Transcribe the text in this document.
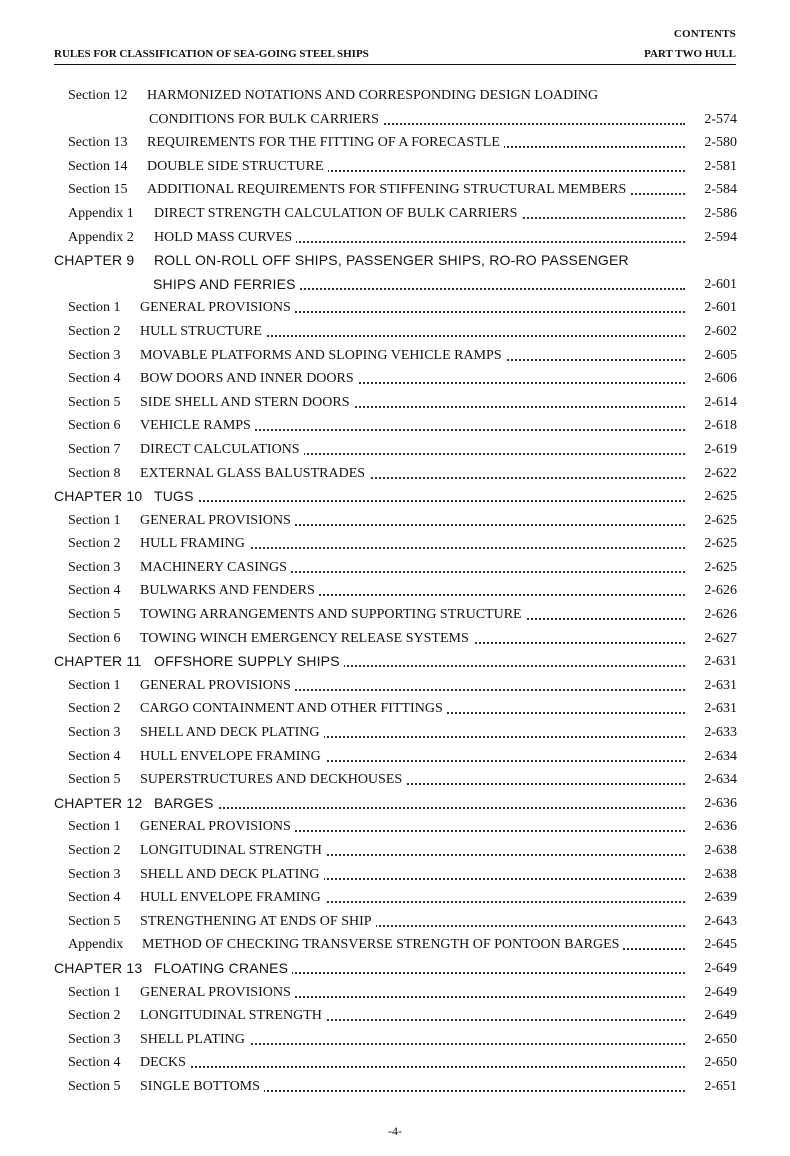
CONTENTS
RULES FOR CLASSIFICATION OF SEA-GOING STEEL SHIPS	PART TWO HULL
Section 12 HARMONIZED NOTATIONS AND CORRESPONDING DESIGN LOADING
CONDITIONS FOR BULK CARRIERS	2-574
Section 13 REQUIREMENTS FOR THE FITTING OF A FORECASTLE	2-580
Section 14 DOUBLE SIDE STRUCTURE	2-581
Section 15 ADDITIONAL REQUIREMENTS FOR STIFFENING STRUCTURAL MEMBERS	2-584
Appendix 1 DIRECT STRENGTH CALCULATION OF BULK CARRIERS	2-586
Appendix 2 HOLD MASS CURVES	2-594
CHAPTER 9 ROLL ON-ROLL OFF SHIPS, PASSENGER SHIPS, RO-RO PASSENGER
SHIPS AND FERRIES	2-601
Section 1 GENERAL PROVISIONS	2-601
Section 2 HULL STRUCTURE	2-602
Section 3 MOVABLE PLATFORMS AND SLOPING VEHICLE RAMPS	2-605
Section 4 BOW DOORS AND INNER DOORS	2-606
Section 5 SIDE SHELL AND STERN DOORS	2-614
Section 6 VEHICLE RAMPS	2-618
Section 7 DIRECT CALCULATIONS	2-619
Section 8 EXTERNAL GLASS BALUSTRADES	2-622
CHAPTER 10 TUGS	2-625
Section 1 GENERAL PROVISIONS	2-625
Section 2 HULL FRAMING	2-625
Section 3 MACHINERY CASINGS	2-625
Section 4 BULWARKS AND FENDERS	2-626
Section 5 TOWING ARRANGEMENTS AND SUPPORTING STRUCTURE	2-626
Section 6 TOWING WINCH EMERGENCY RELEASE SYSTEMS	2-627
CHAPTER 11 OFFSHORE SUPPLY SHIPS	2-631
Section 1 GENERAL PROVISIONS	2-631
Section 2 CARGO CONTAINMENT AND OTHER FITTINGS	2-631
Section 3 SHELL AND DECK PLATING	2-633
Section 4 HULL ENVELOPE FRAMING	2-634
Section 5 SUPERSTRUCTURES AND DECKHOUSES	2-634
CHAPTER 12 BARGES	2-636
Section 1 GENERAL PROVISIONS	2-636
Section 2 LONGITUDINAL STRENGTH	2-638
Section 3 SHELL AND DECK PLATING	2-638
Section 4 HULL ENVELOPE FRAMING	2-639
Section 5 STRENGTHENING AT ENDS OF SHIP	2-643
Appendix METHOD OF CHECKING TRANSVERSE STRENGTH OF PONTOON BARGES	2-645
CHAPTER 13 FLOATING CRANES	2-649
Section 1 GENERAL PROVISIONS	2-649
Section 2 LONGITUDINAL STRENGTH	2-649
Section 3 SHELL PLATING	2-650
Section 4 DECKS	2-650
Section 5 SINGLE BOTTOMS	2-651
-4-
